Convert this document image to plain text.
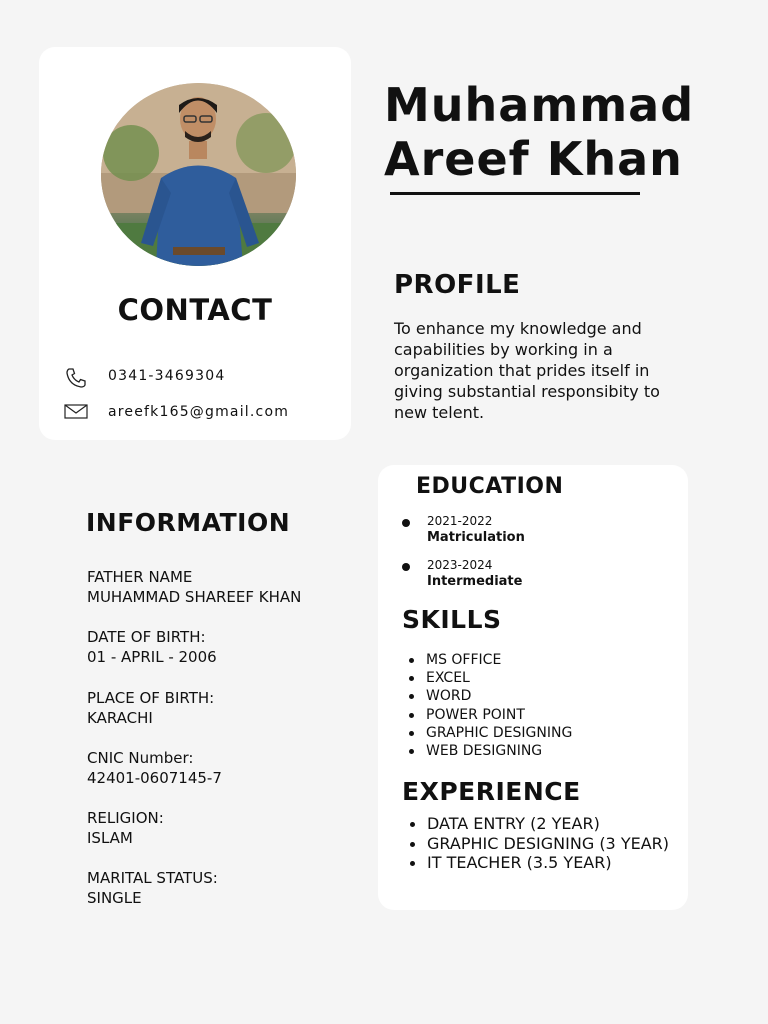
CONTACT
0341-3469304
areefk165@gmail.com
Muhammad
Areef Khan
PROFILE
To enhance my knowledge and capabilities by working in a organization that prides itself in giving substantial responsibity to new telent.
INFORMATION
FATHER NAME
MUHAMMAD SHAREEF KHAN
DATE OF BIRTH:
01 - APRIL - 2006
PLACE OF BIRTH:
KARACHI
CNIC Number:
42401-0607145-7
RELIGION:
ISLAM
MARITAL STATUS:
SINGLE
EDUCATION
2021-2022
Matriculation
2023-2024
Intermediate
SKILLS
MS OFFICE
EXCEL
WORD
POWER POINT
GRAPHIC DESIGNING
WEB DESIGNING
EXPERIENCE
DATA ENTRY (2 YEAR)
GRAPHIC DESIGNING (3 YEAR)
IT TEACHER (3.5 YEAR)
